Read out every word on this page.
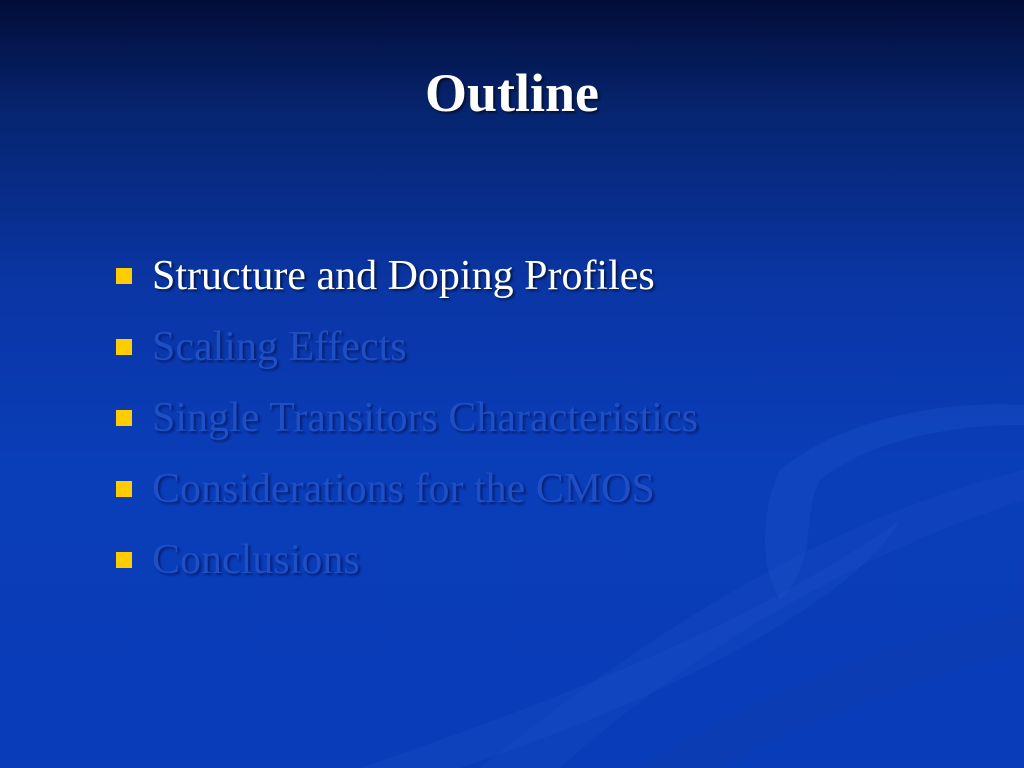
Outline
Structure and Doping Profiles
Scaling Effects
Single Transitors Characteristics
Considerations for the CMOS
Conclusions
